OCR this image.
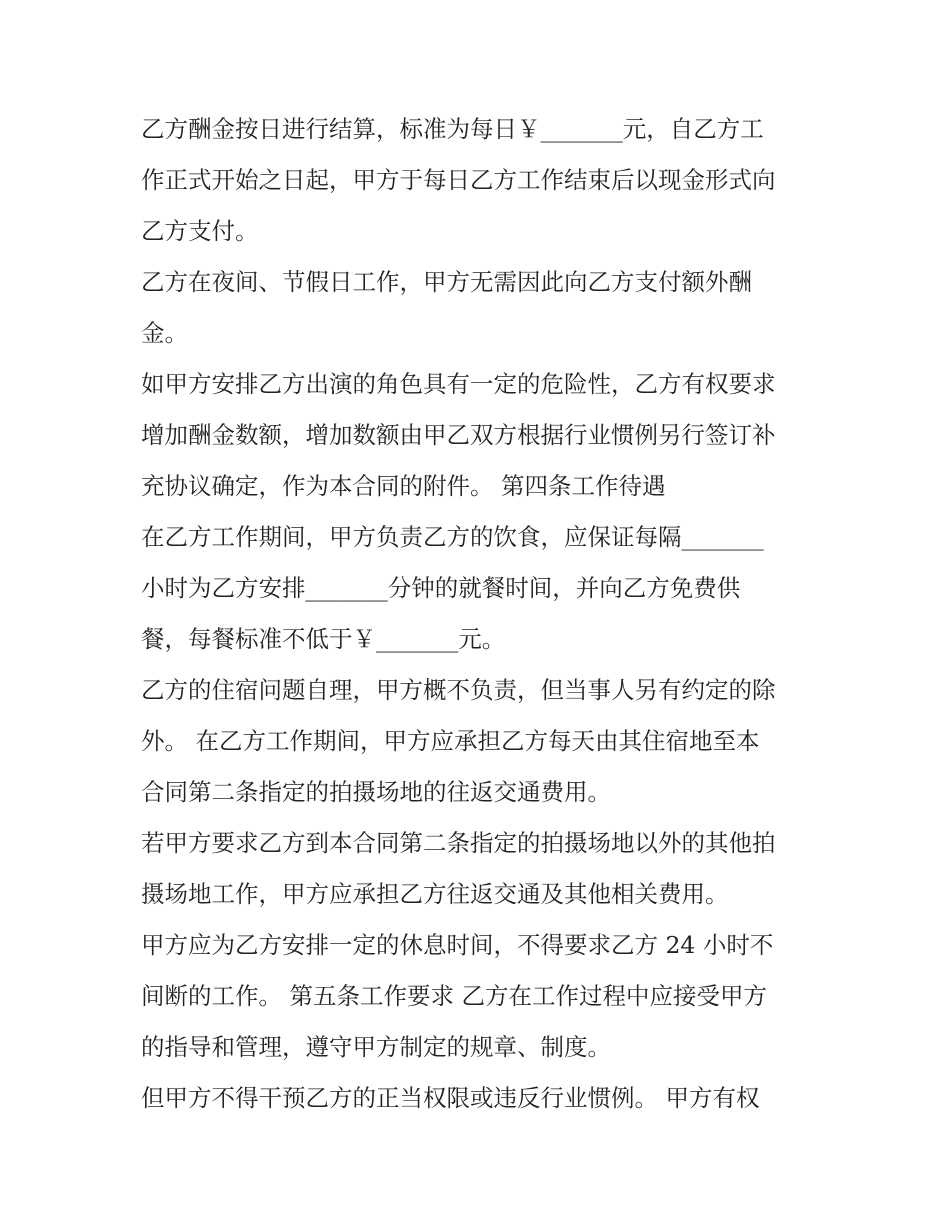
乙方酬金按日进行结算，标准为每日￥_______元，自乙方工
作正式开始之日起，甲方于每日乙方工作结束后以现金形式向
乙方支付。
乙方在夜间、节假日工作，甲方无需因此向乙方支付额外酬
金。
如甲方安排乙方出演的角色具有一定的危险性，乙方有权要求
增加酬金数额，增加数额由甲乙双方根据行业惯例另行签订补
充协议确定，作为本合同的附件。 第四条工作待遇
在乙方工作期间，甲方负责乙方的饮食，应保证每隔_______
小时为乙方安排_______分钟的就餐时间，并向乙方免费供
餐，每餐标准不低于￥_______元。
乙方的住宿问题自理，甲方概不负责，但当事人另有约定的除
外。 在乙方工作期间，甲方应承担乙方每天由其住宿地至本
合同第二条指定的拍摄场地的往返交通费用。
若甲方要求乙方到本合同第二条指定的拍摄场地以外的其他拍
摄场地工作，甲方应承担乙方往返交通及其他相关费用。
甲方应为乙方安排一定的休息时间，不得要求乙方 24 小时不
间断的工作。 第五条工作要求 乙方在工作过程中应接受甲方
的指导和管理，遵守甲方制定的规章、制度。
但甲方不得干预乙方的正当权限或违反行业惯例。 甲方有权
